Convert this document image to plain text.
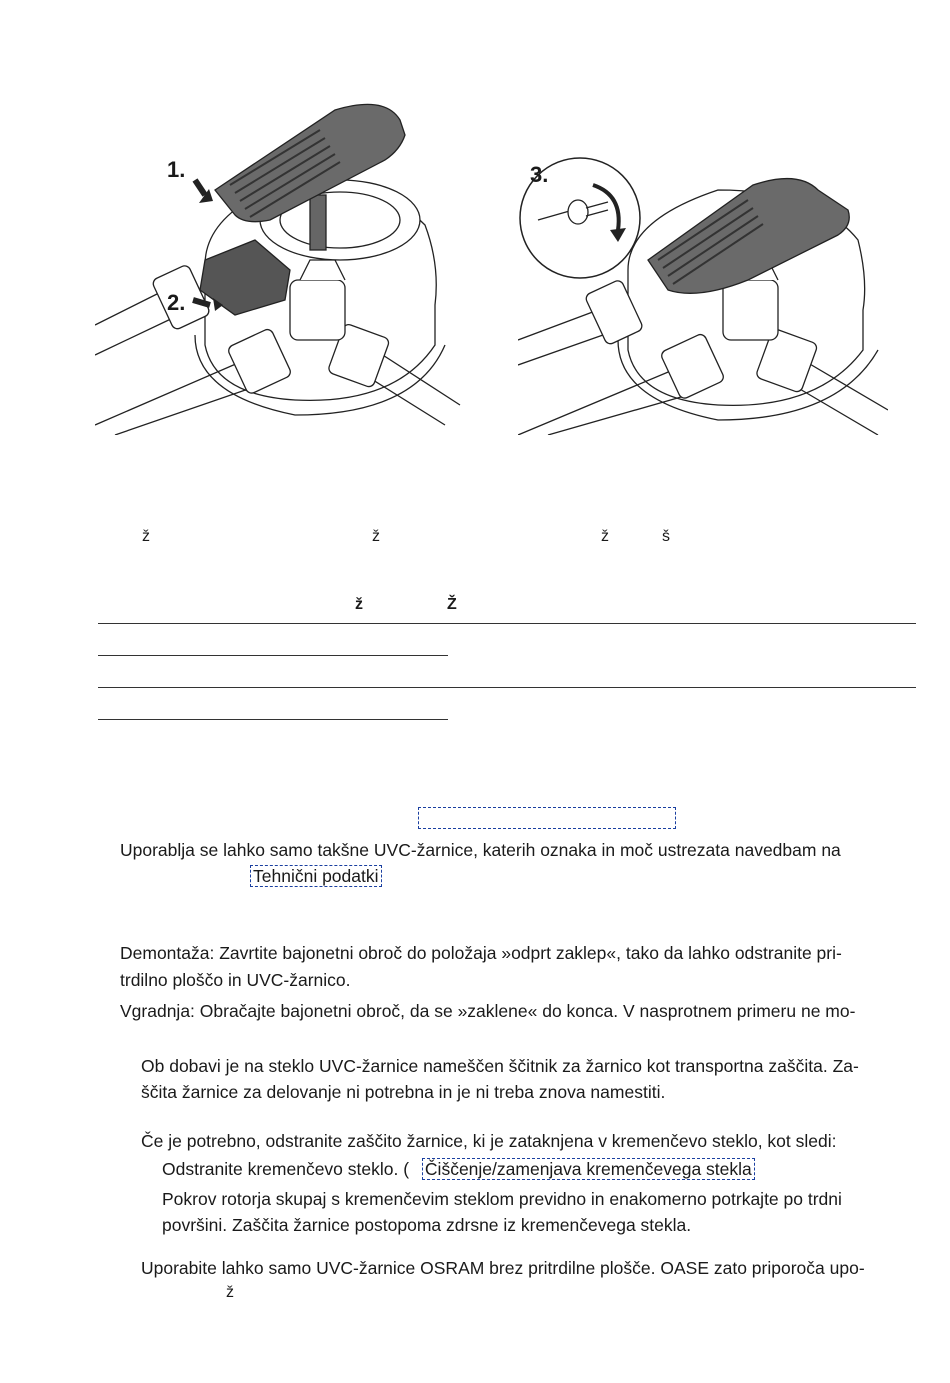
1.
2.
3.
ž	ž	ž	š
ž	Ž
Uporablja se lahko samo takšne UVC-žarnice, katerih oznaka in moč ustrezata navedbam na
Tehnični podatki
Demontaža: Zavrtite bajonetni obroč do položaja »odprt zaklep«, tako da lahko odstranite pri-
trdilno ploščo in UVC-žarnico.
Vgradnja: Obračajte bajonetni obroč, da se »zaklene« do konca. V nasprotnem primeru ne mo-
Ob dobavi je na steklo UVC-žarnice nameščen ščitnik za žarnico kot transportna zaščita. Za-
ščita žarnice za delovanje ni potrebna in je ni treba znova namestiti.
Če je potrebno, odstranite zaščito žarnice, ki je zataknjena v kremenčevo steklo, kot sledi:
Odstranite kremenčevo steklo. ( Čiščenje/zamenjava kremenčevega stekla
Pokrov rotorja skupaj s kremenčevim steklom previdno in enakomerno potrkajte po trdni
površini. Zaščita žarnice postopoma zdrsne iz kremenčevega stekla.
Uporabite lahko samo UVC-žarnice OSRAM brez pritrdilne plošče. OASE zato priporoča upo-
ž
